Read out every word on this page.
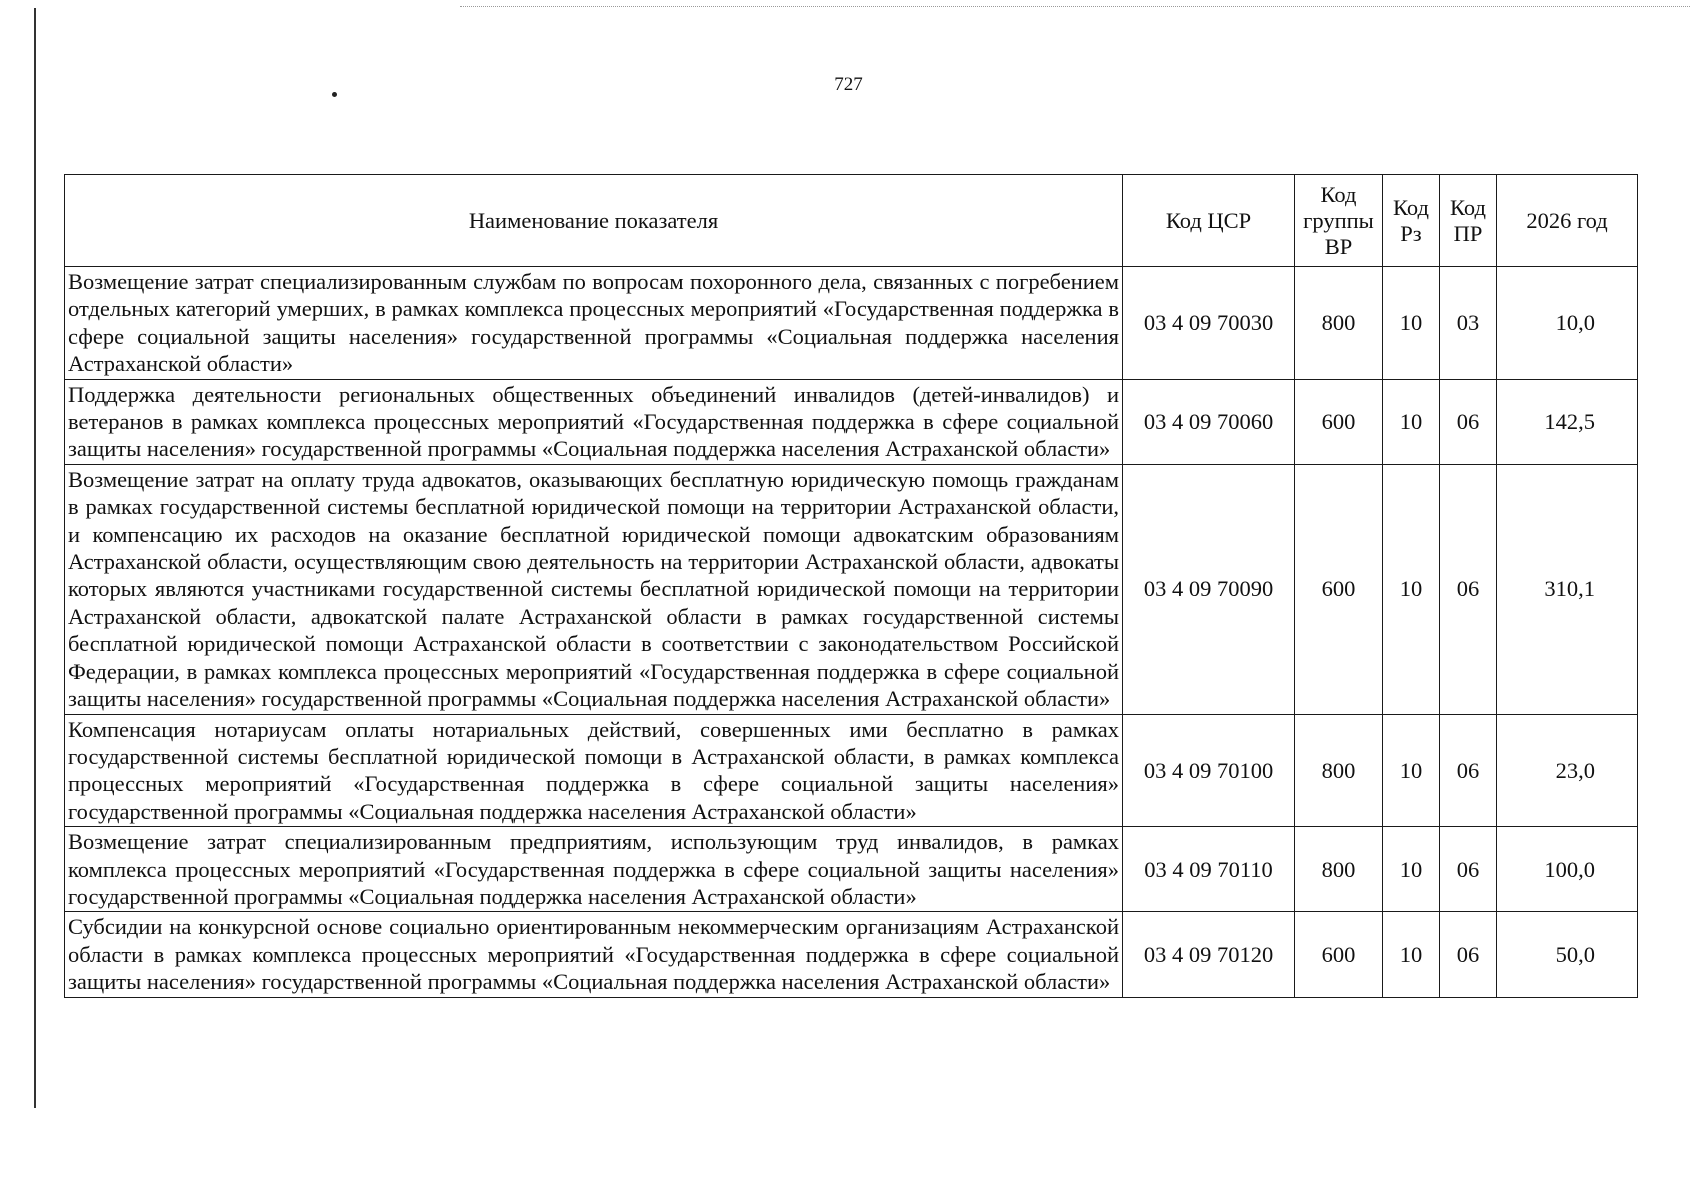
727
Наименование показателя	Код ЦСР	Код группы ВР	Код Рз	Код ПР	2026 год
Возмещение затрат специализированным службам по вопросам похоронного дела, связанных с погребением отдельных категорий умерших, в рамках комплекса процессных мероприятий «Государственная поддержка в сфере социальной защиты населения» государственной программы «Социальная поддержка населения Астраханской области»	03 4 09 70030	800	10	03	10,0
Поддержка деятельности региональных общественных объединений инвалидов (детей-инвалидов) и ветеранов в рамках комплекса процессных мероприятий «Государственная поддержка в сфере социальной защиты населения» государственной программы «Социальная поддержка населения Астраханской области»	03 4 09 70060	600	10	06	142,5
Возмещение затрат на оплату труда адвокатов, оказывающих бесплатную юридическую помощь гражданам в рамках государственной системы бесплатной юридической помощи на территории Астраханской области, и компенсацию их расходов на оказание бесплатной юридической помощи адвокатским образованиям Астраханской области, осуществляющим свою деятельность на территории Астраханской области, адвокаты которых являются участниками государственной системы бесплатной юридической помощи на территории Астраханской области, адвокатской палате Астраханской области в рамках государственной системы бесплатной юридической помощи Астраханской области в соответствии с законодательством Российской Федерации, в рамках комплекса процессных мероприятий «Государственная поддержка в сфере социальной защиты населения» государственной программы «Социальная поддержка населения Астраханской области»	03 4 09 70090	600	10	06	310,1
Компенсация нотариусам оплаты нотариальных действий, совершенных ими бесплатно в рамках государственной системы бесплатной юридической помощи в Астраханской области, в рамках комплекса процессных мероприятий «Государственная поддержка в сфере социальной защиты населения» государственной программы «Социальная поддержка населения Астраханской области»	03 4 09 70100	800	10	06	23,0
Возмещение затрат специализированным предприятиям, использующим труд инвалидов, в рамках комплекса процессных мероприятий «Государственная поддержка в сфере социальной защиты населения» государственной программы «Социальная поддержка населения Астраханской области»	03 4 09 70110	800	10	06	100,0
Субсидии на конкурсной основе социально ориентированным некоммерческим организациям Астраханской области в рамках комплекса процессных мероприятий «Государственная поддержка в сфере социальной защиты населения» государственной программы «Социальная поддержка населения Астраханской области»	03 4 09 70120	600	10	06	50,0
